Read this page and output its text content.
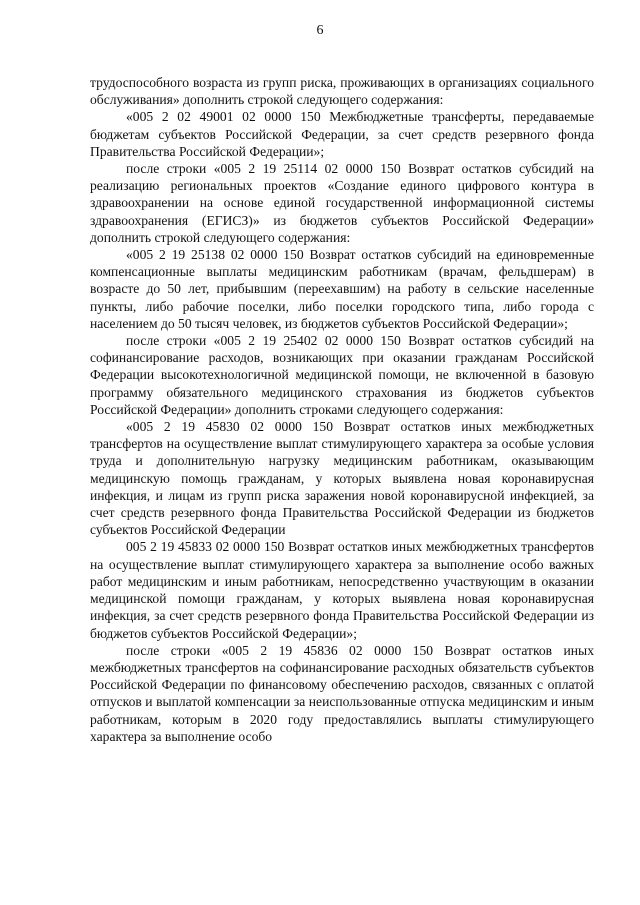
6

трудоспособного возраста из групп риска, проживающих в организациях социального обслуживания» дополнить строкой следующего содержания:

«005 2 02 49001 02 0000 150 Межбюджетные трансферты, передаваемые бюджетам субъектов Российской Федерации, за счет средств резервного фонда Правительства Российской Федерации»;

после строки «005 2 19 25114 02 0000 150 Возврат остатков субсидий на реализацию региональных проектов «Создание единого цифрового контура в здравоохранении на основе единой государственной информационной системы здравоохранения (ЕГИСЗ)» из бюджетов субъектов Российской Федерации» дополнить строкой следующего содержания:

«005 2 19 25138 02 0000 150 Возврат остатков субсидий на единовременные компенсационные выплаты медицинским работникам (врачам, фельдшерам) в возрасте до 50 лет, прибывшим (переехавшим) на работу в сельские населенные пункты, либо рабочие поселки, либо поселки городского типа, либо города с населением до 50 тысяч человек, из бюджетов субъектов Российской Федерации»;

после строки «005 2 19 25402 02 0000 150 Возврат остатков субсидий на софинансирование расходов, возникающих при оказании гражданам Российской Федерации высокотехнологичной медицинской помощи, не включенной в базовую программу обязательного медицинского страхования из бюджетов субъектов Российской Федерации» дополнить строками следующего содержания:

«005 2 19 45830 02 0000 150 Возврат остатков иных межбюджетных трансфертов на осуществление выплат стимулирующего характера за особые условия труда и дополнительную нагрузку медицинским работникам, оказывающим медицинскую помощь гражданам, у которых выявлена новая коронавирусная инфекция, и лицам из групп риска заражения новой коронавирусной инфекцией, за счет средств резервного фонда Правительства Российской Федерации из бюджетов субъектов Российской Федерации

005 2 19 45833 02 0000 150 Возврат остатков иных межбюджетных трансфертов на осуществление выплат стимулирующего характера за выполнение особо важных работ медицинским и иным работникам, непосредственно участвующим в оказании медицинской помощи гражданам, у которых выявлена новая коронавирусная инфекция, за счет средств резервного фонда Правительства Российской Федерации из бюджетов субъектов Российской Федерации»;

после строки «005 2 19 45836 02 0000 150 Возврат остатков иных межбюджетных трансфертов на софинансирование расходных обязательств субъектов Российской Федерации по финансовому обеспечению расходов, связанных с оплатой отпусков и выплатой компенсации за неиспользованные отпуска медицинским и иным работникам, которым в 2020 году предоставлялись выплаты стимулирующего характера за выполнение особо
